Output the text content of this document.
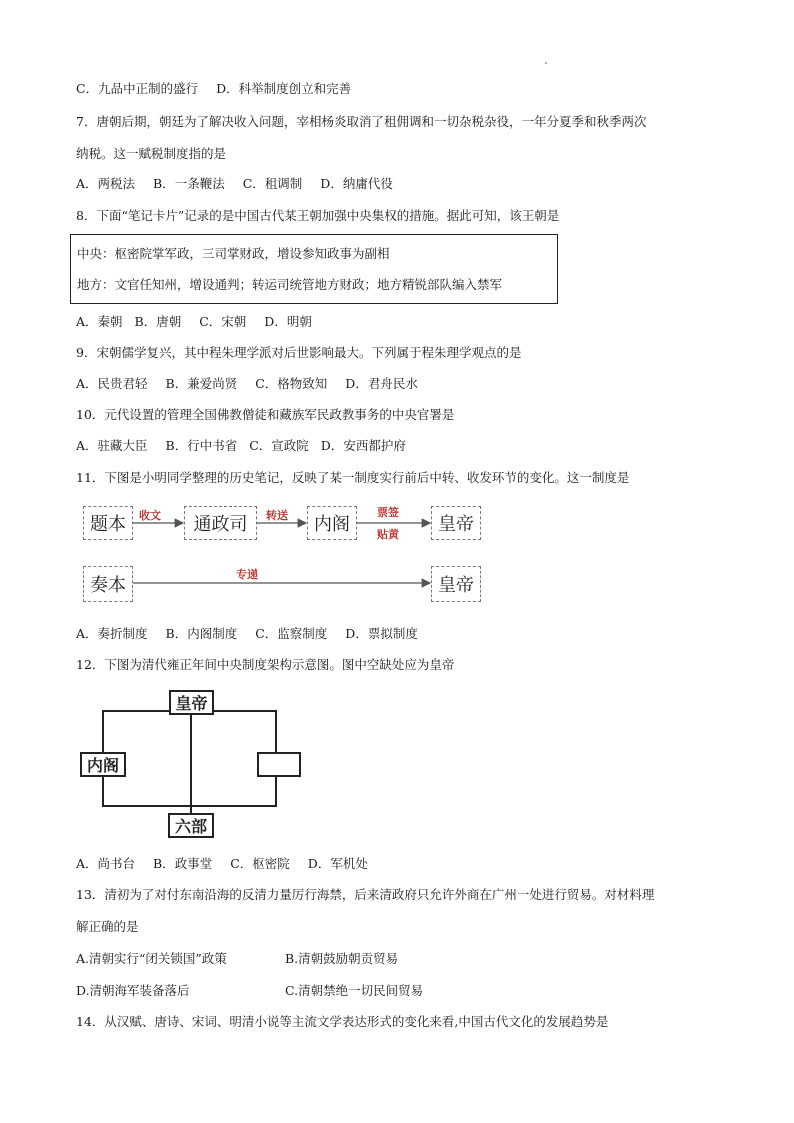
C．九品中正制的盛行 D．科举制度创立和完善
7．唐朝后期，朝廷为了解决收入问题，宰相杨炎取消了租佣调和一切杂税杂役，一年分夏季和秋季两次
纳税。这一赋税制度指的是
A．两税法 B．一条鞭法 C．租调制 D．纳庸代役
8．下面“笔记卡片”记录的是中国古代某王朝加强中央集权的措施。据此可知，该王朝是
中央：枢密院掌军政，三司掌财政，增设参知政事为副相
地方：文官任知州，增设通判；转运司统管地方财政；地方精锐部队编入禁军
A．秦朝 B．唐朝 C．宋朝 D．明朝
9．宋朝儒学复兴，其中程朱理学派对后世影响最大。下列属于程朱理学观点的是
A．民贵君轻 B．兼爱尚贤 C．格物致知 D．君舟民水
10．元代设置的管理全国佛教僧徒和藏族军民政教事务的中央官署是
A．驻藏大臣 B．行中书省 C．宣政院 D．安西都护府
11．下图是小明同学整理的历史笔记，反映了某一制度实行前后中转、收发环节的变化。这一制度是
题本	通政司	内阁	皇帝
奏本	皇帝
收文	转送	票签
贴黄
专递
A．奏折制度 B．内阁制度 C．监察制度 D．票拟制度
12．下图为清代雍正年间中央制度架构示意图。图中空缺处应为皇帝
皇帝
内阁
六部
A．尚书台 B．政事堂 C．枢密院 D．军机处
13．清初为了对付东南沿海的反清力量厉行海禁，后来清政府只允许外商在广州一处进行贸易。对材料理
解正确的是
A.清朝实行“闭关锁国”政策	B.清朝鼓励朝贡贸易
D.清朝海军装备落后	C.清朝禁绝一切民间贸易
14．从汉赋、唐诗、宋词、明清小说等主流文学表达形式的变化来看,中国古代文化的发展趋势是
